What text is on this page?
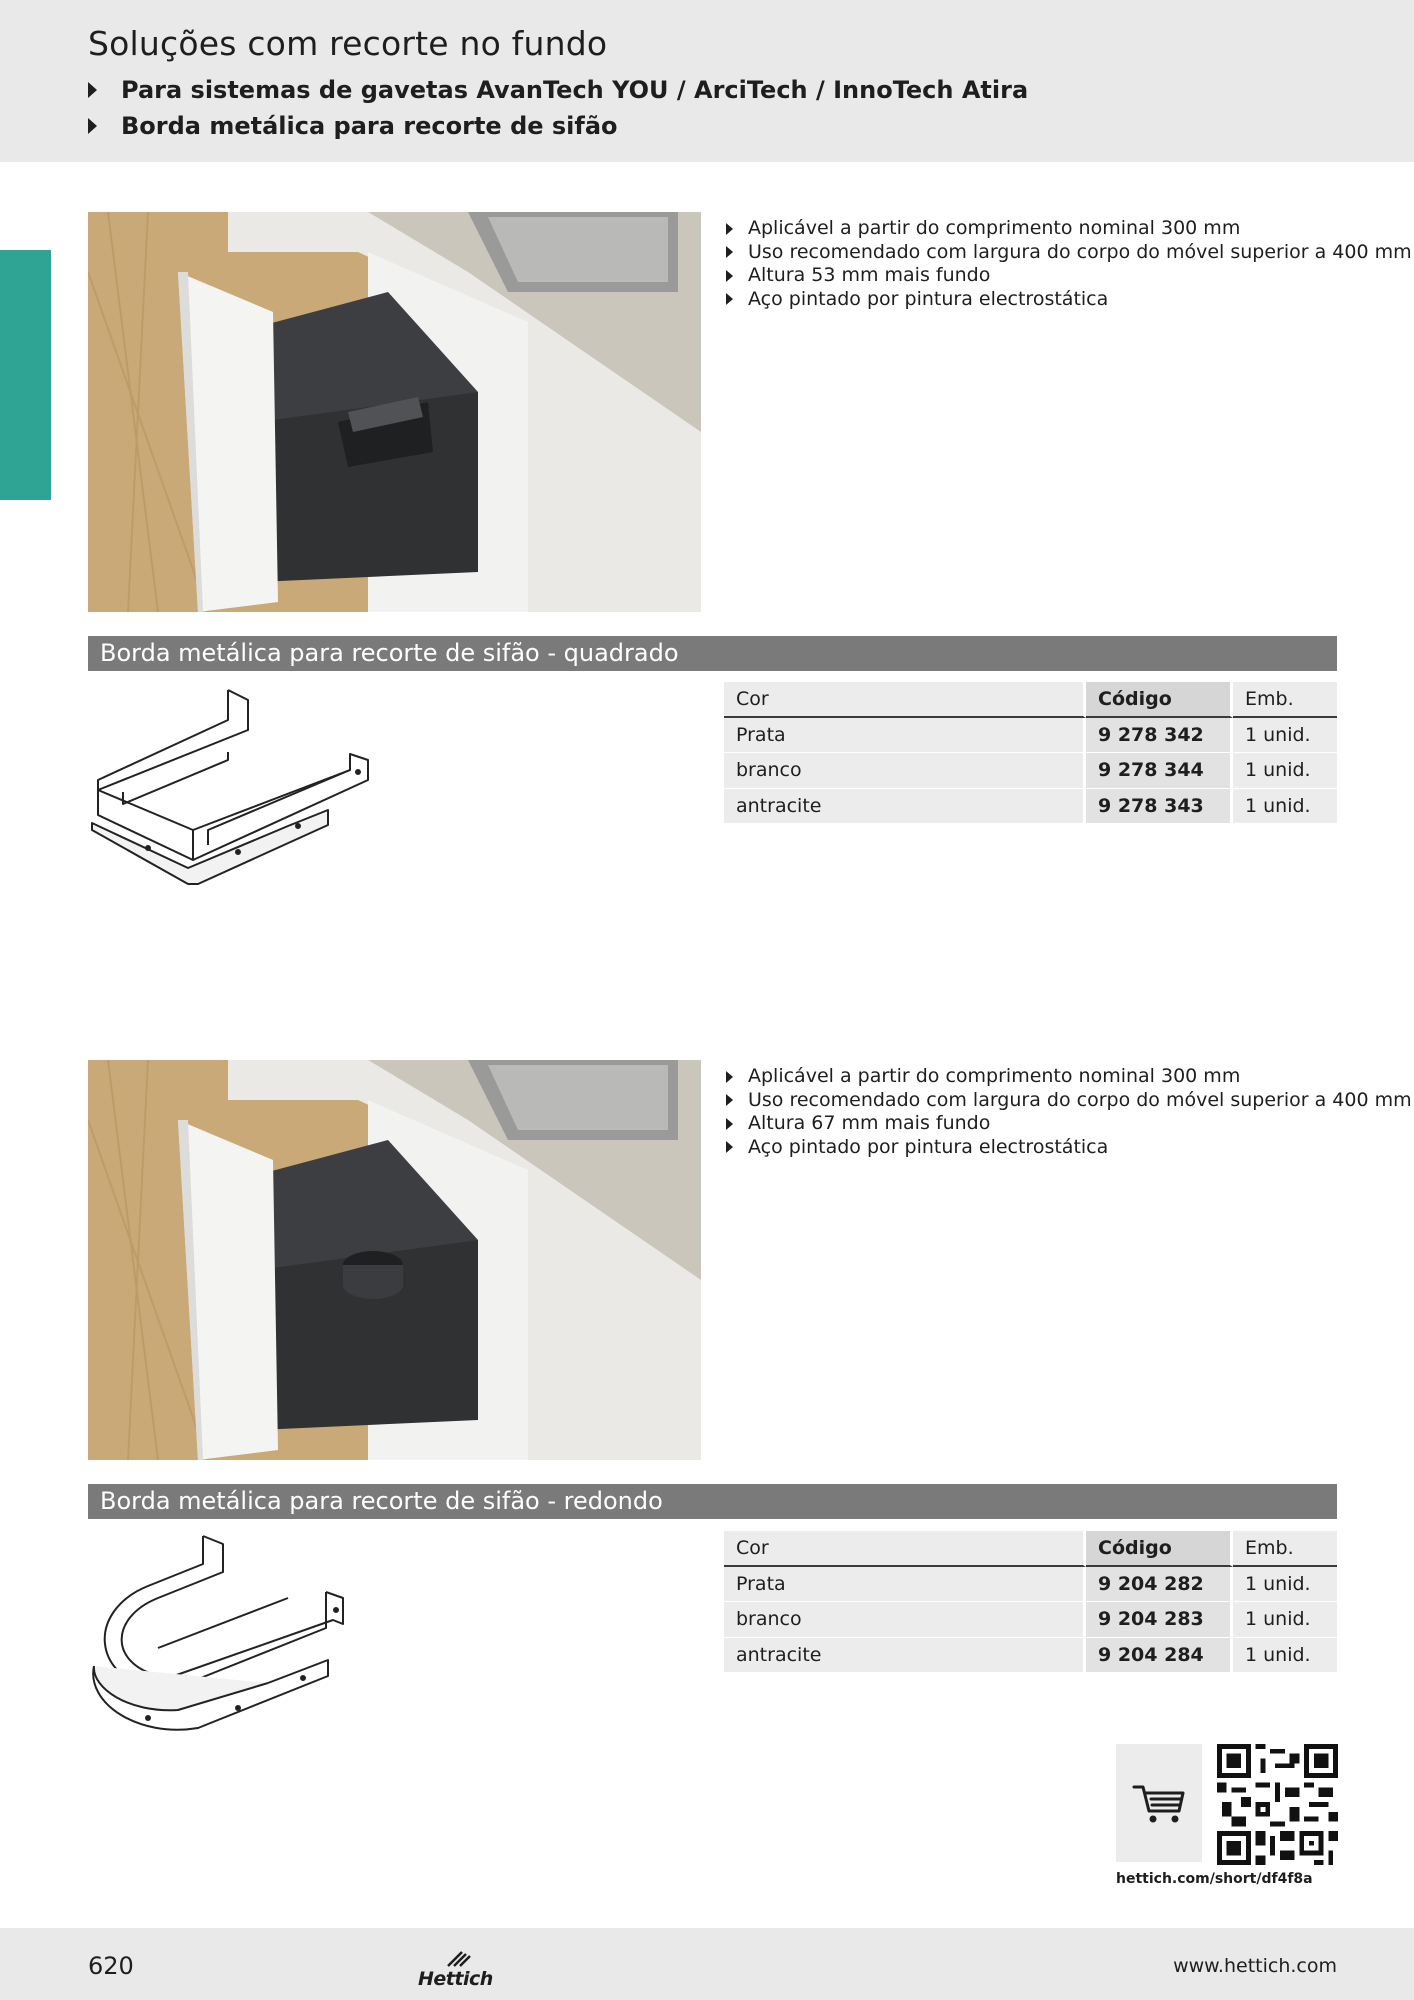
Soluções com recorte no fundo
Para sistemas de gavetas AvanTech YOU / ArciTech / InnoTech Atira
Borda metálica para recorte de sifão
Aplicável a partir do comprimento nominal 300 mm
Uso recomendado com largura do corpo do móvel superior a 400 mm
Altura 53 mm mais fundo
Aço pintado por pintura electrostática
Borda metálica para recorte de sifão - quadrado
Cor	Código	Emb.
Prata	9 278 342	1 unid.
branco	9 278 344	1 unid.
antracite	9 278 343	1 unid.
Aplicável a partir do comprimento nominal 300 mm
Uso recomendado com largura do corpo do móvel superior a 400 mm
Altura 67 mm mais fundo
Aço pintado por pintura electrostática
Borda metálica para recorte de sifão - redondo
Cor	Código	Emb.
Prata	9 204 282	1 unid.
branco	9 204 283	1 unid.
antracite	9 204 284	1 unid.
hettich.com/short/df4f8a
620	Hettich
www.hettich.com
